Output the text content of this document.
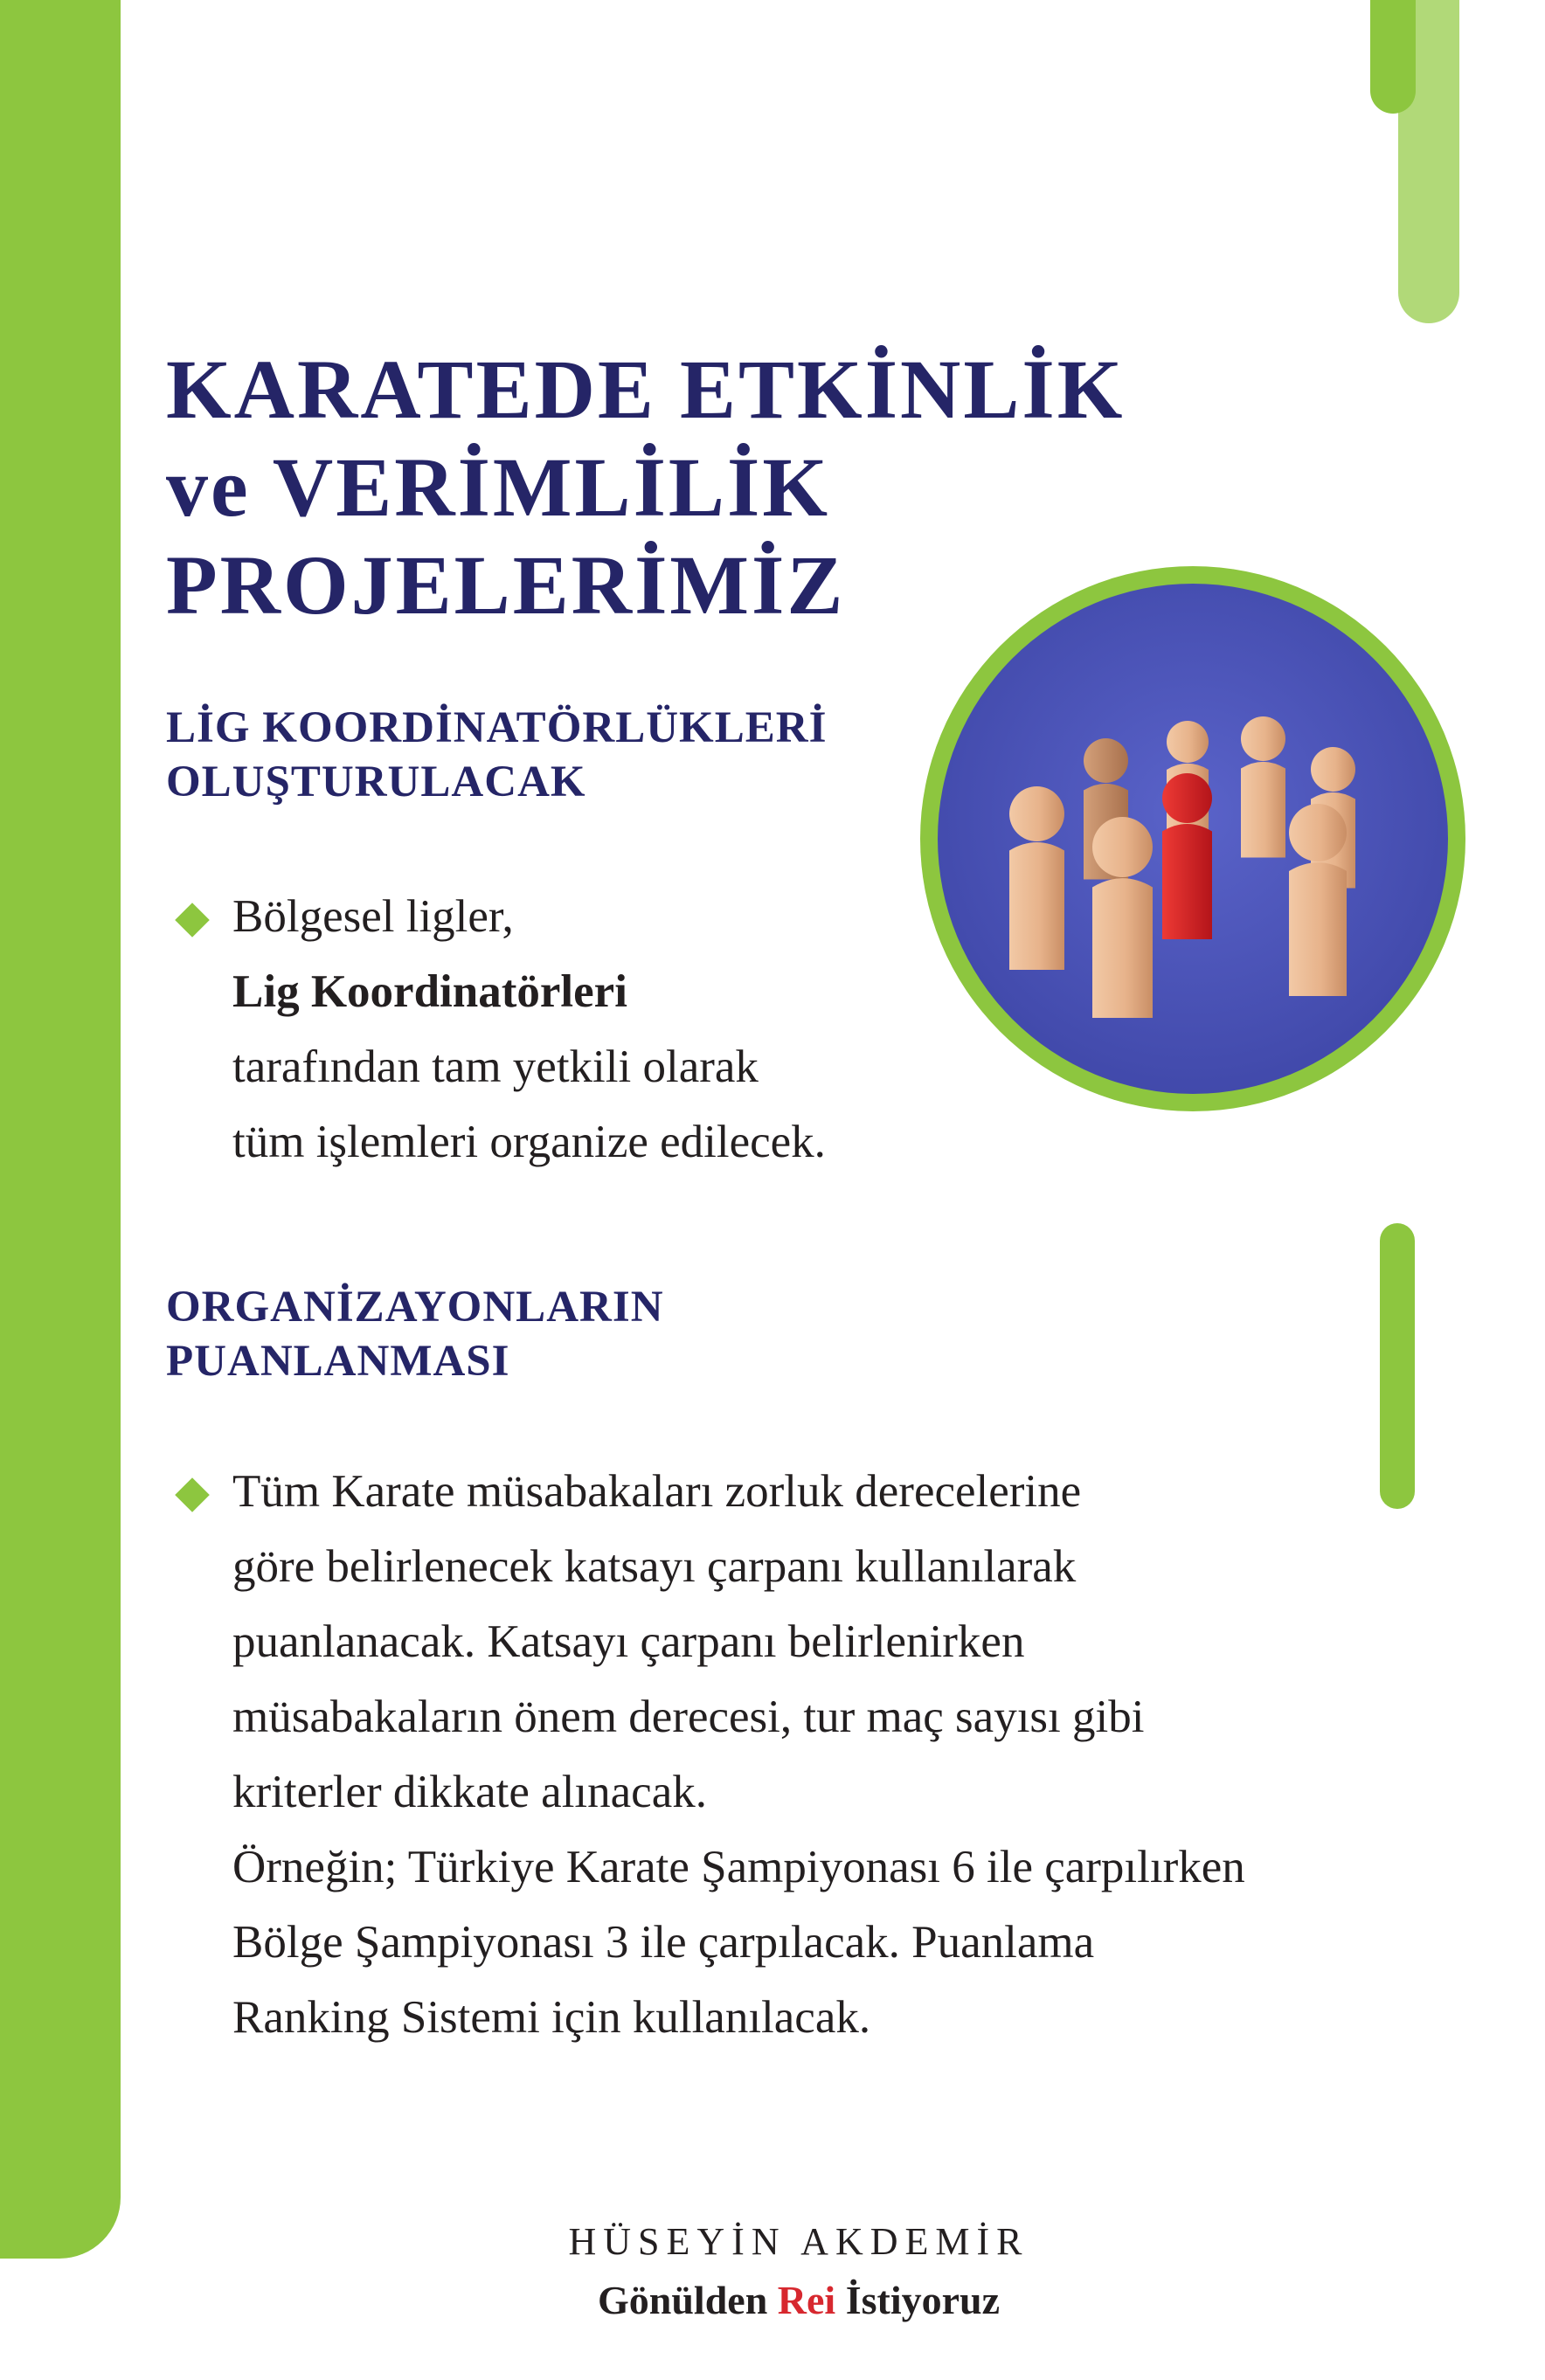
KARATEDE ETKİNLİK
ve VERİMLİLİK
PROJELERİMİZ
LİG KOORDİNATÖRLÜKLERİ
OLUŞTURULACAK
Bölgesel ligler,
Lig Koordinatörleri
tarafından tam yetkili olarak
tüm işlemleri organize edilecek.
ORGANİZAYONLARIN
PUANLANMASI
Tüm Karate müsabakaları zorluk derecelerine
göre belirlenecek katsayı çarpanı kullanılarak
puanlanacak. Katsayı çarpanı belirlenirken
müsabakaların önem derecesi, tur maç sayısı gibi
kriterler dikkate alınacak.
Örneğin; Türkiye Karate Şampiyonası 6 ile çarpılırken
Bölge Şampiyonası 3 ile çarpılacak. Puanlama
Ranking Sistemi için kullanılacak.
HÜSEYİN AKDEMİR
Gönülden Rei İstiyoruz
